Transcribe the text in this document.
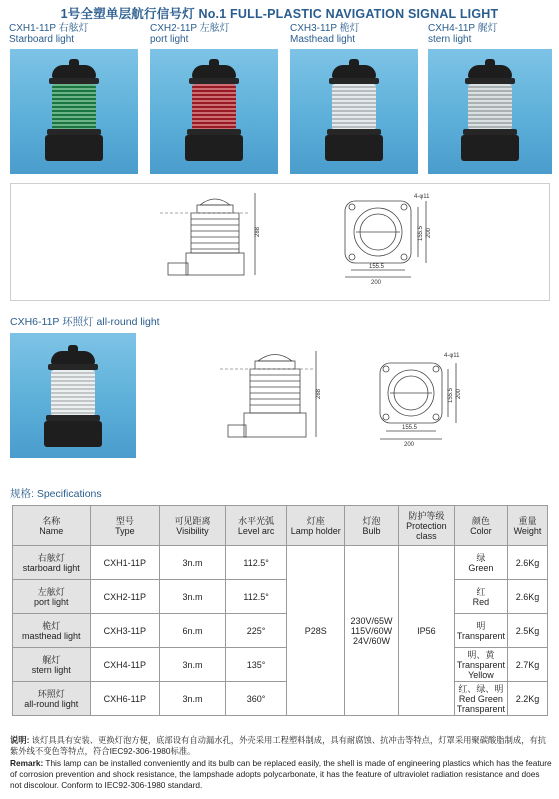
1号全塑单层航行信号灯 No.1 FULL-PLASTIC NAVIGATION SIGNAL LIGHT
CXH1-11P 右舷灯
Starboard light
CXH2-11P 左舷灯
port light
CXH3-11P 桅灯
Masthead light
CXH4-11P 艉灯
stern light
288
4-φ11
155.5 200
155.5
200
CXH6-11P 环照灯 all-round light
288
4-φ11
155.5 200
155.5
200
规格: Specifications
名称
Name	型号
Type	可见距离
Visibility	水平光弧
Level arc	灯座
Lamp holder	灯泡
Bulb	防护等级
Protection class	颜色
Color	重量
Weight

右舷灯
starboard light	CXH1-11P	3n.m	112.5°	P28S	230V/65W
115V/60W
24V/60W	IP56	绿
Green	2.6Kg

左舷灯
port light	CXH2-11P	3n.m	112.5°				红
Red	2.6Kg

桅灯
masthead light	CXH3-11P	6n.m	225°				明
Transparent	2.5Kg

艉灯
stern light	CXH4-11P	3n.m	135°				明、黄
Transparent Yellow	2.7Kg

环照灯
all-round light	CXH6-11P	3n.m	360°				红、绿、明
Red Green Transparent	2.2Kg
说明: 该灯具具有安装、更换灯泡方便，底部设有自动漏水孔，外壳采用工程塑料制成，具有耐腐蚀、抗冲击等特点，灯罩采用聚碳酸脂制成，有抗紫外线不变色等特点，符合IEC92-306-1980标准。
Remark: This lamp can be installed conveniently and its bulb can be replaced easily, the shell is made of engineering plastics which has the feature of corrosion prevention and shock resistance, the lampshade adopts polycarbonate, it has the feature of ultraviolet radiation resistance and does not discolour. Conform to IEC92-306-1980 standard.
